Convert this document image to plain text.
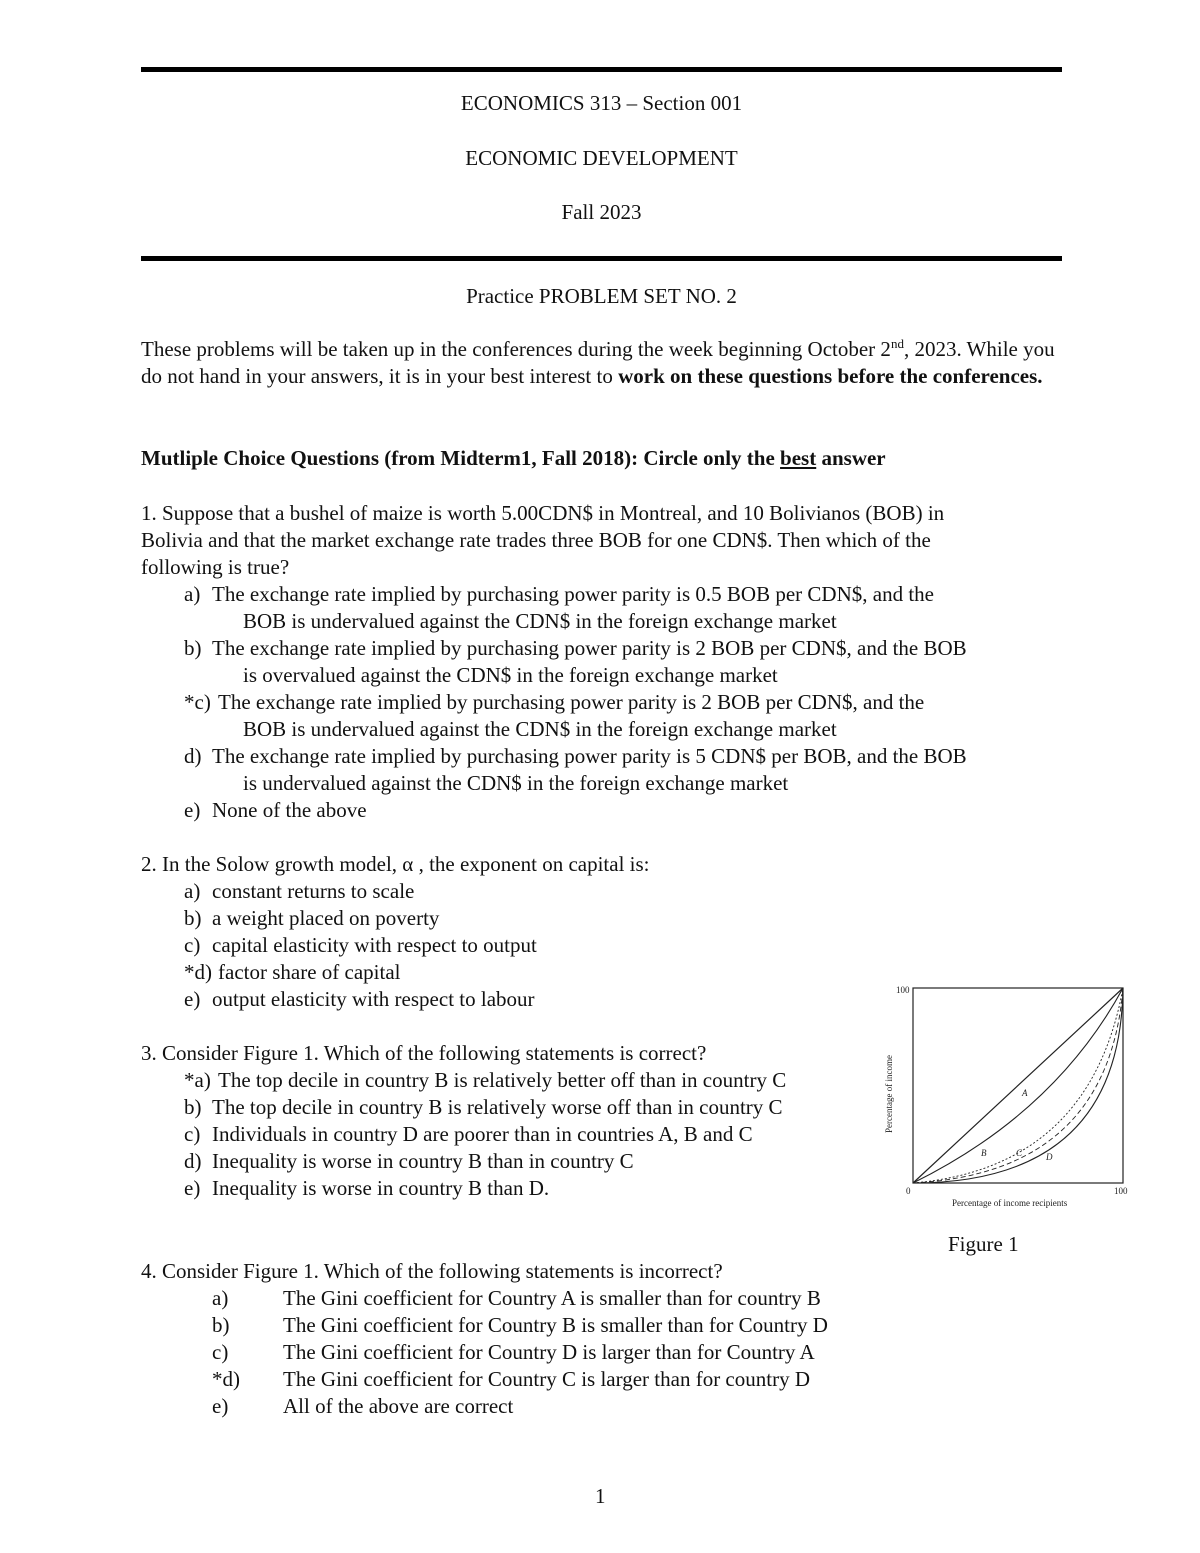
ECONOMICS 313 – Section 001
ECONOMIC DEVELOPMENT
Fall 2023
Practice PROBLEM SET NO. 2
These problems will be taken up in the conferences during the week beginning October 2nd, 2023. While you do not hand in your answers, it is in your best interest to work on these questions before the conferences.
Mutliple Choice Questions (from Midterm1, Fall 2018): Circle only the best answer
1. Suppose that a bushel of maize is worth 5.00CDN$ in Montreal, and 10 Bolivianos (BOB) in
Bolivia and that the market exchange rate trades three BOB for one CDN$. Then which of the
following is true?
a) The exchange rate implied by purchasing power parity is 0.5 BOB per CDN$, and the
BOB is undervalued against the CDN$ in the foreign exchange market
b) The exchange rate implied by purchasing power parity is 2 BOB per CDN$, and the BOB
is overvalued against the CDN$ in the foreign exchange market
*c) The exchange rate implied by purchasing power parity is 2 BOB per CDN$, and the
BOB is undervalued against the CDN$ in the foreign exchange market
d) The exchange rate implied by purchasing power parity is 5 CDN$ per BOB, and the BOB
is undervalued against the CDN$ in the foreign exchange market
e) None of the above
2. In the Solow growth model, α , the exponent on capital is:
a) constant returns to scale
b) a weight placed on poverty
c) capital elasticity with respect to output
*d) factor share of capital
e) output elasticity with respect to labour
3. Consider Figure 1. Which of the following statements is correct?
*a) The top decile in country B is relatively better off than in country C
b) The top decile in country B is relatively worse off than in country C
c) Individuals in country D are poorer than in countries A, B and C
d) Inequality is worse in country B than in country C
e) Inequality is worse in country B than D.
100
Percentage of income	A
B	C	D
0	100
Percentage of income recipients
Figure 1
4. Consider Figure 1. Which of the following statements is incorrect?
a)	The Gini coefficient for Country A is smaller than for country B
b)	The Gini coefficient for Country B is smaller than for Country D
c)	The Gini coefficient for Country D is larger than for Country A
*d) The Gini coefficient for Country C is larger than for country D
e)	All of the above are correct
1
